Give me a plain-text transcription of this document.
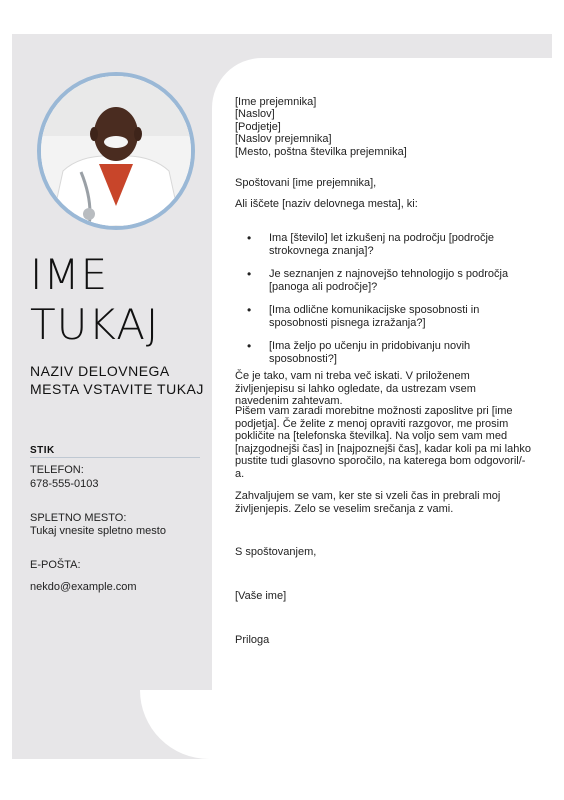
IME
TUKAJ
NAZIV DELOVNEGA
MESTA VSTAVITE TUKAJ
STIK
TELEFON:
678-555-0103
SPLETNO MESTO:
Tukaj vnesite spletno mesto
E-POŠTA:
nekdo@example.com
[Ime prejemnika]
[Naslov]
[Podjetje]
[Naslov prejemnika]
[Mesto, poštna številka prejemnika]
Spoštovani [ime prejemnika],
Ali iščete [naziv delovnega mesta], ki:
• Ima [število] let izkušenj na področju [področje strokovnega znanja]?
• Je seznanjen z najnovejšo tehnologijo s področja [panoga ali področje]?
• [Ima odlične komunikacijske sposobnosti in sposobnosti pisnega izražanja?]
• [Ima željo po učenju in pridobivanju novih sposobnosti?]
Če je tako, vam ni treba več iskati. V priloženem življenjepisu si lahko ogledate, da ustrezam vsem navedenim zahtevam.
Pišem vam zaradi morebitne možnosti zaposlitve pri [ime podjetja]. Če želite z menoj opraviti razgovor, me prosim pokličite na [telefonska številka]. Na voljo sem vam med [najzgodnejši čas] in [najpoznejši čas], kadar koli pa mi lahko pustite tudi glasovno sporočilo, na katerega bom odgovoril/-a.
Zahvaljujem se vam, ker ste si vzeli čas in prebrali moj življenjepis. Zelo se veselim srečanja z vami.
S spoštovanjem,
[Vaše ime]
Priloga
